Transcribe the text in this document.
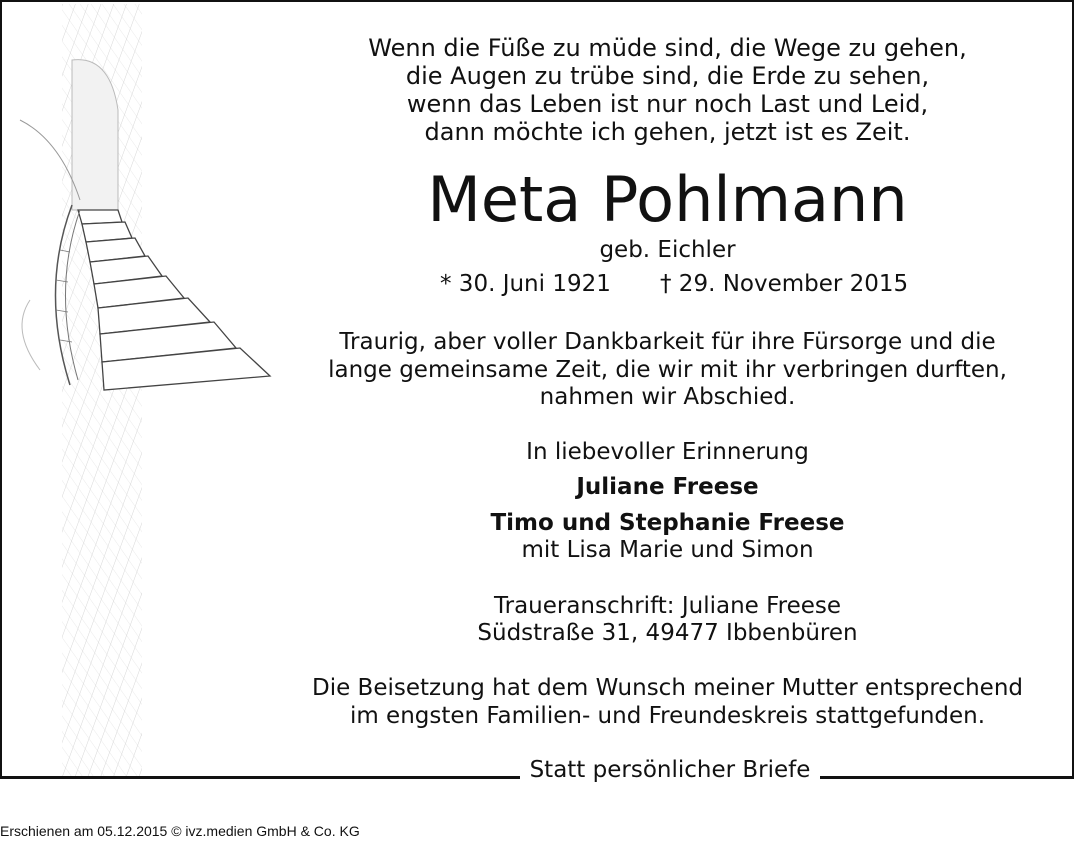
Wenn die Füße zu müde sind, die Wege zu gehen,
die Augen zu trübe sind, die Erde zu sehen,
wenn das Leben ist nur noch Last und Leid,
dann möchte ich gehen, jetzt ist es Zeit.
Meta Pohlmann
geb. Eichler
* 30. Juni 1921 † 29. November 2015
Traurig, aber voller Dankbarkeit für ihre Fürsorge und die
lange gemeinsame Zeit, die wir mit ihr verbringen durften,
nahmen wir Abschied.
In liebevoller Erinnerung
Juliane Freese
Timo und Stephanie Freese
mit Lisa Marie und Simon
Traueranschrift: Juliane Freese
Südstraße 31, 49477 Ibbenbüren
Die Beisetzung hat dem Wunsch meiner Mutter entsprechend
im engsten Familien- und Freundeskreis stattgefunden.
Statt persönlicher Briefe
Erschienen am 05.12.2015 © ivz.medien GmbH & Co. KG
